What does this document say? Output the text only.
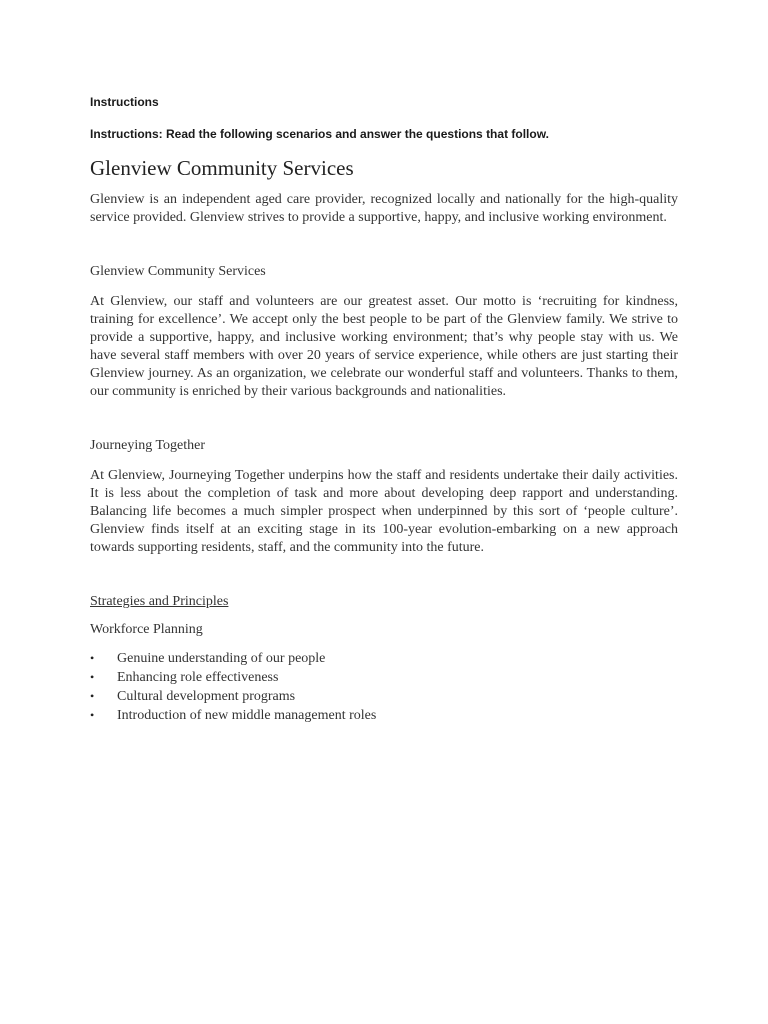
Instructions

Instructions: Read the following scenarios and answer the questions that follow.

Glenview Community Services

Glenview is an independent aged care provider, recognized locally and nationally for the high-quality service provided. Glenview strives to provide a supportive, happy, and inclusive working environment.

Glenview Community Services

At Glenview, our staff and volunteers are our greatest asset. Our motto is ‘recruiting for kindness, training for excellence’. We accept only the best people to be part of the Glenview family. We strive to provide a supportive, happy, and inclusive working environment; that’s why people stay with us. We have several staff members with over 20 years of service experience, while others are just starting their Glenview journey. As an organization, we celebrate our wonderful staff and volunteers. Thanks to them, our community is enriched by their various backgrounds and nationalities.

Journeying Together

At Glenview, Journeying Together underpins how the staff and residents undertake their daily activities. It is less about the completion of task and more about developing deep rapport and understanding. Balancing life becomes a much simpler prospect when underpinned by this sort of ‘people culture’. Glenview finds itself at an exciting stage in its 100-year evolution-embarking on a new approach towards supporting residents, staff, and the community into the future.

Strategies and Principles

Workforce Planning

•	Genuine understanding of our people
•	Enhancing role effectiveness
•	Cultural development programs
•	Introduction of new middle management roles
